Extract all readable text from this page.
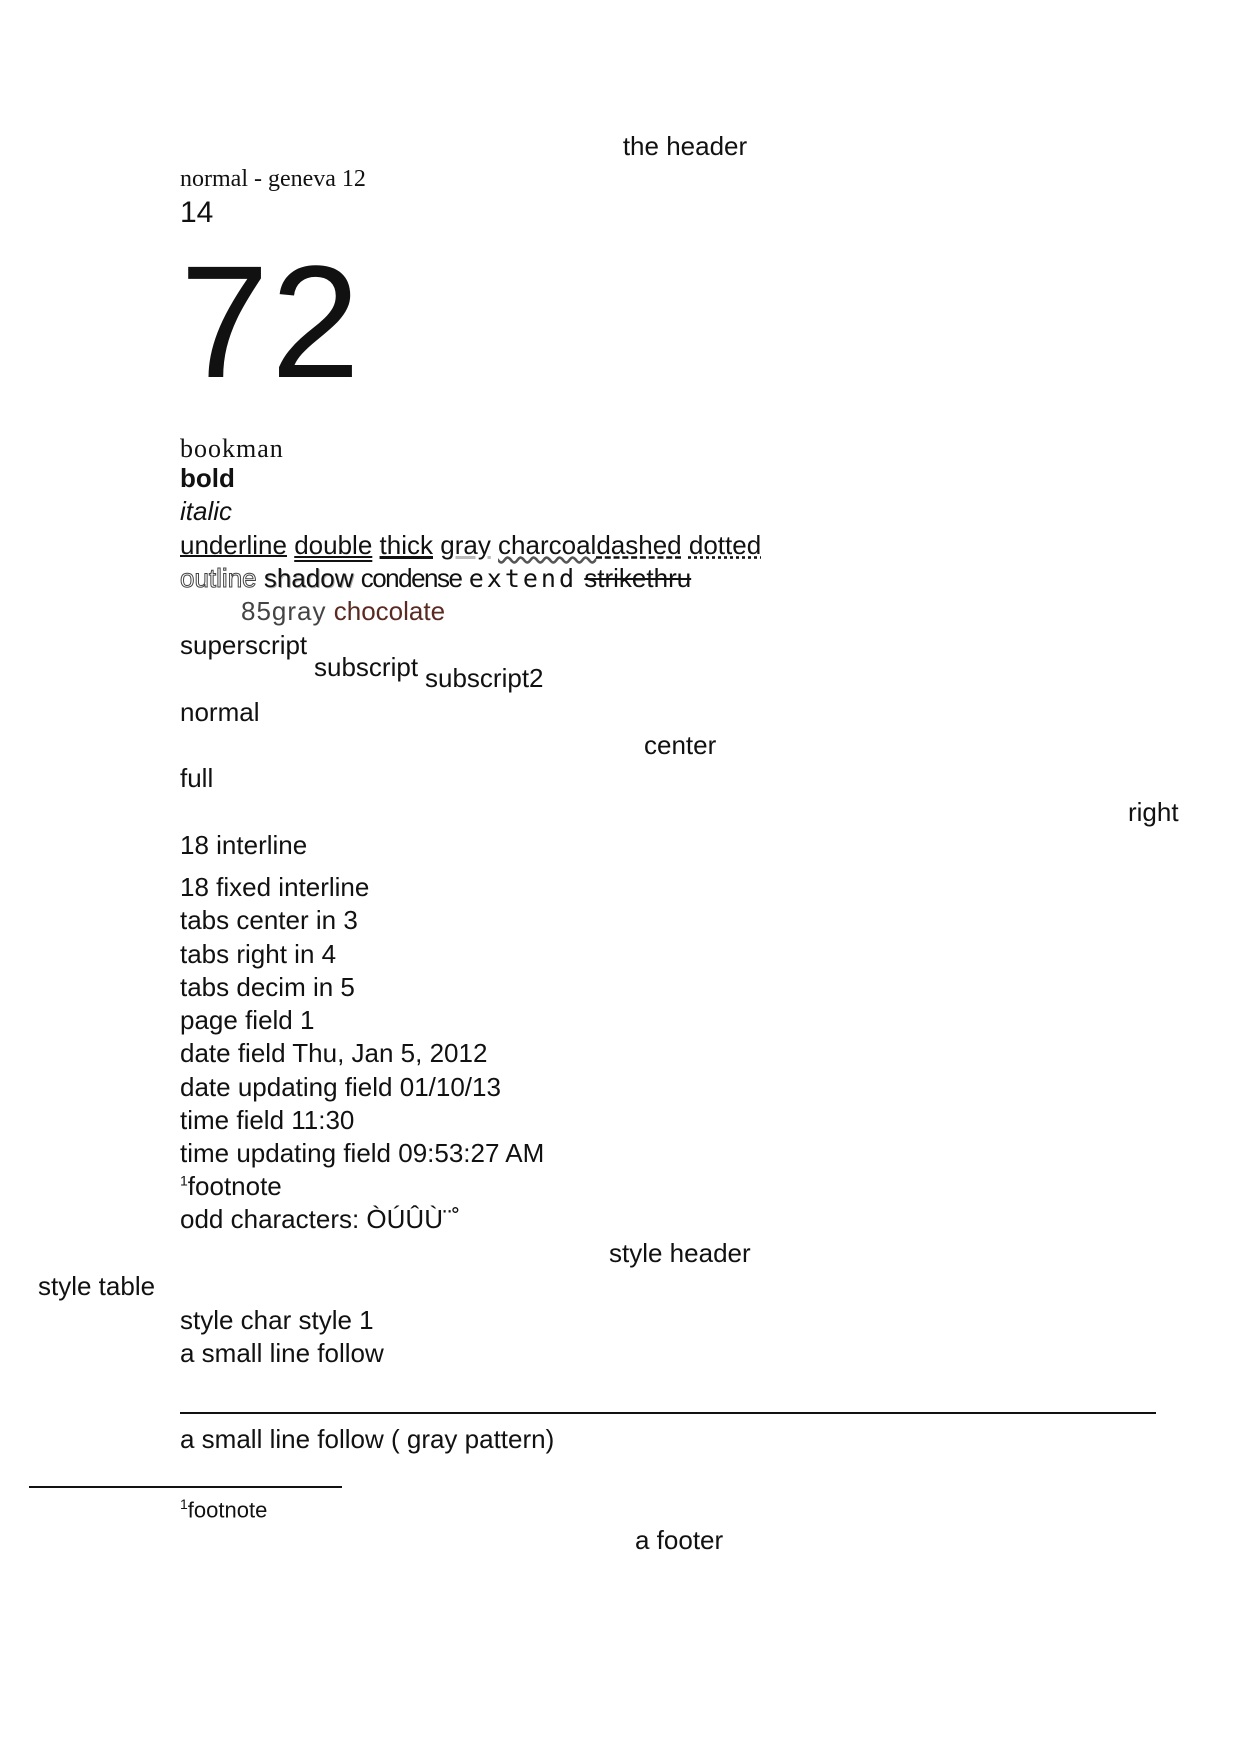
the header
normal - geneva 12
14
72
bookman
bold
italic
underline double thick gray charcoaldashed dotted
outline shadow condense extend strikethru
85gray chocolate
superscript
subscript subscript2
normal
center
full
right
18 interline
18 fixed interline
tabs center in 3
tabs right in 4
tabs decim in 5
page field 1
date field Thu, Jan 5, 2012
date updating field 01/10/13
time field 11:30
time updating field 09:53:27 AM
$^1$footnote
odd characters: ÒÚÛÙ¨˚
style header
style table
style char style 1
a small line follow
a small line follow ( gray pattern)
$^1$footnote
a footer
